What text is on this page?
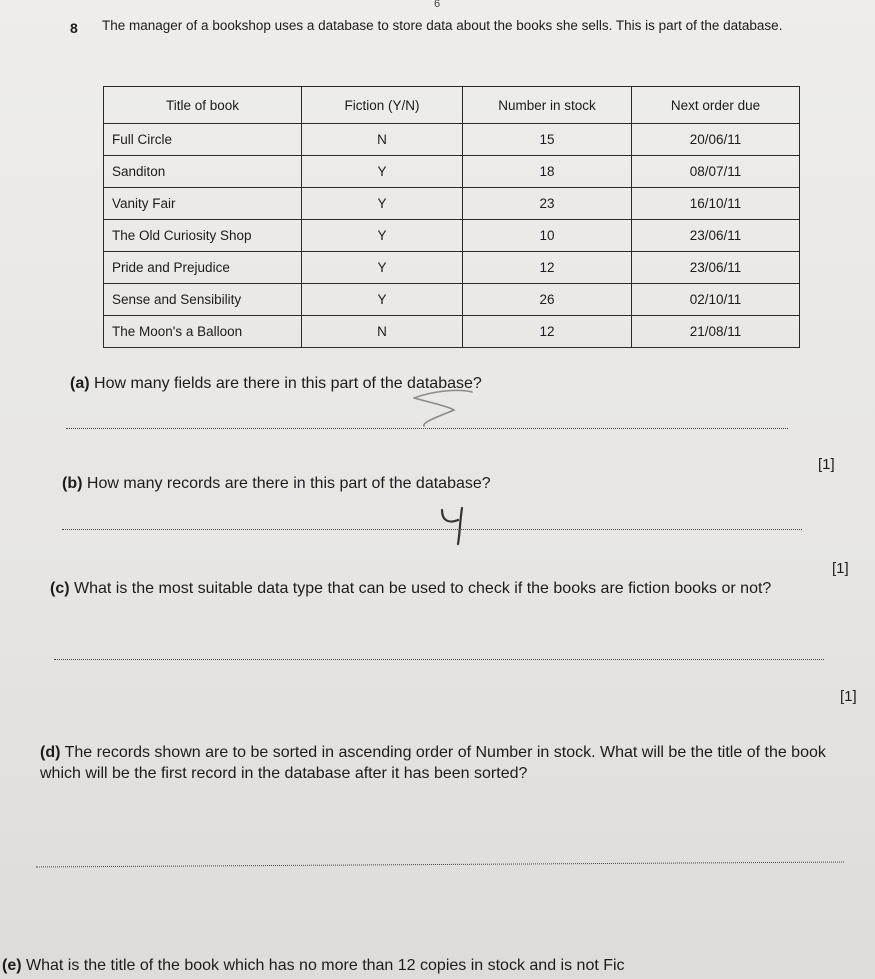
6
8 The manager of a bookshop uses a database to store data about the books she sells. This is part of the database.
Title of book	Fiction (Y/N)	Number in stock	Next order due
Full Circle	N	15	20/06/11
Sanditon	Y	18	08/07/11
Vanity Fair	Y	23	16/10/11
The Old Curiosity Shop	Y	10	23/06/11
Pride and Prejudice	Y	12	23/06/11
Sense and Sensibility	Y	26	02/10/11
The Moon's a Balloon	N	12	21/08/11
(a) How many fields are there in this part of the database?
[1]
(b) How many records are there in this part of the database?
[1]
(c) What is the most suitable data type that can be used to check if the books are fiction books or not?
[1]
(d) The records shown are to be sorted in ascending order of Number in stock. What will be the title of the book which will be the first record in the database after it has been sorted?
(e) What is the title of the book which has no more than 12 copies in stock and is not Fic
